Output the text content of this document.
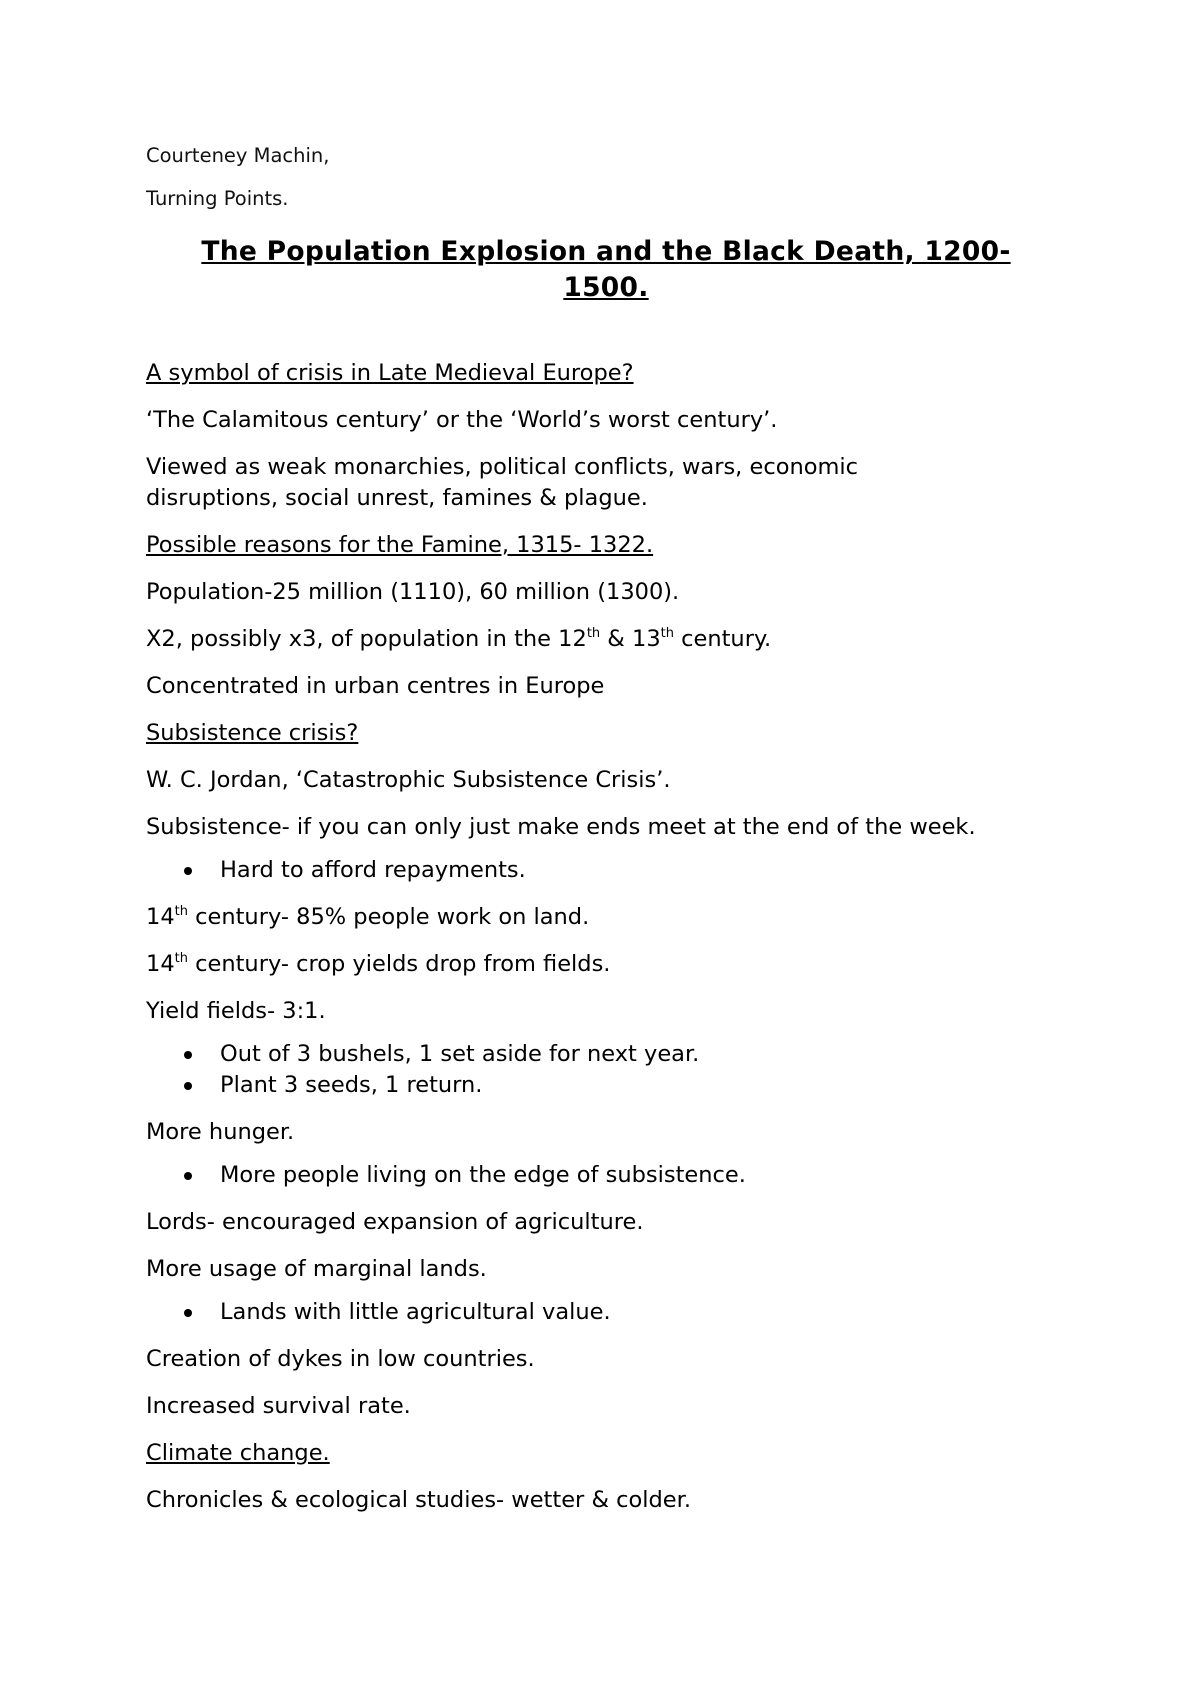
Courteney Machin,

Turning Points.

The Population Explosion and the Black Death, 1200-
1500.

A symbol of crisis in Late Medieval Europe?

‘The Calamitous century’ or the ‘World’s worst century’.

Viewed as weak monarchies, political conflicts, wars, economic
disruptions, social unrest, famines & plague.

Possible reasons for the Famine, 1315- 1322.

Population-25 million (1110), 60 million (1300).

X2, possibly x3, of population in the 12th & 13th century.

Concentrated in urban centres in Europe

Subsistence crisis?

W. C. Jordan, ‘Catastrophic Subsistence Crisis’.

Subsistence- if you can only just make ends meet at the end of the week.

Hard to afford repayments.

14th century- 85% people work on land.

14th century- crop yields drop from fields.

Yield fields- 3:1.

Out of 3 bushels, 1 set aside for next year.
Plant 3 seeds, 1 return.

More hunger.

More people living on the edge of subsistence.

Lords- encouraged expansion of agriculture.

More usage of marginal lands.

Lands with little agricultural value.

Creation of dykes in low countries.

Increased survival rate.

Climate change.

Chronicles & ecological studies- wetter & colder.
